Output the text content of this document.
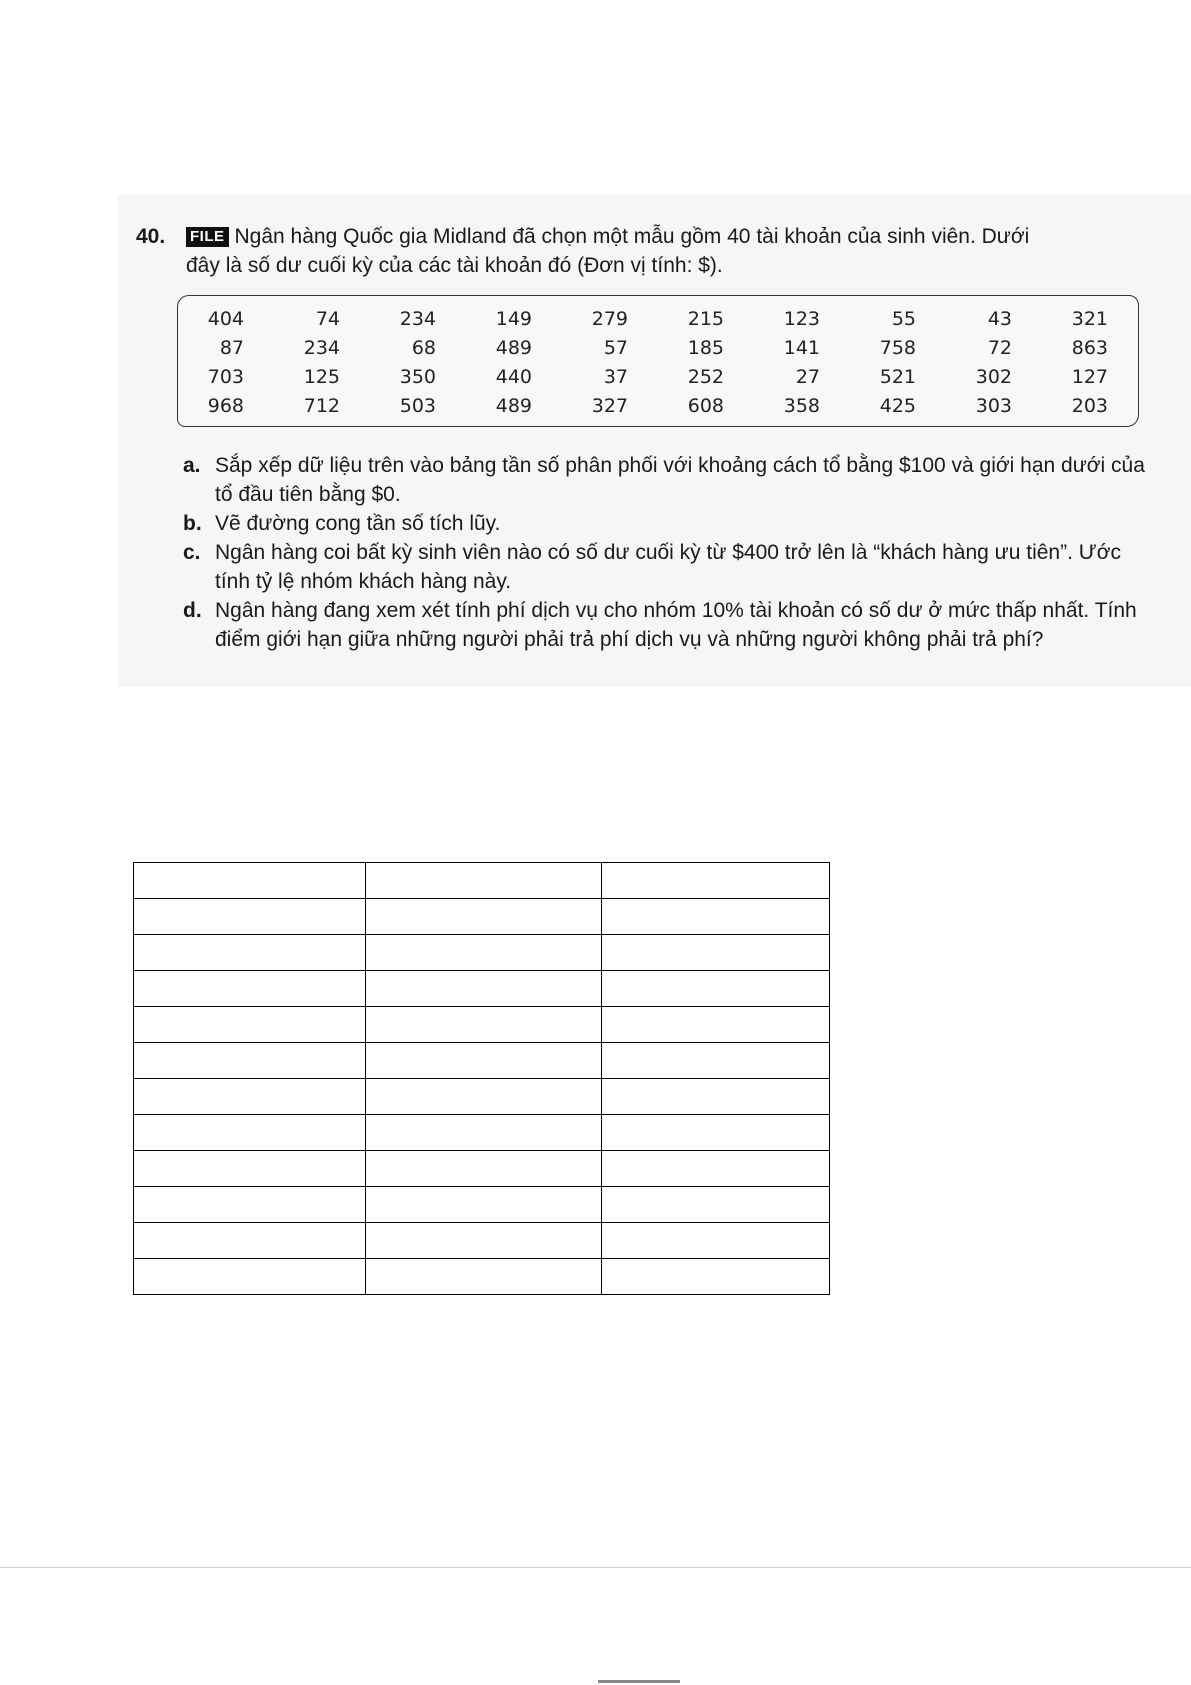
40. FILE Ngân hàng Quốc gia Midland đã chọn một mẫu gồm 40 tài khoản của sinh viên. Dưới
đây là số dư cuối kỳ của các tài khoản đó (Đơn vị tính: $).
404	74	234	149	279	215	123	55	43	321
87	234	68	489	57	185	141	758	72	863
703	125	350	440	37	252	27	521	302	127
968	712	503	489	327	608	358	425	303	203
a. Sắp xếp dữ liệu trên vào bảng tần số phân phối với khoảng cách tổ bằng $100 và giới hạn dưới của tổ đầu tiên bằng $0.
b. Vẽ đường cong tần số tích lũy.
c. Ngân hàng coi bất kỳ sinh viên nào có số dư cuối kỳ từ $400 trở lên là “khách hàng ưu tiên”. Ước tính tỷ lệ nhóm khách hàng này.
d. Ngân hàng đang xem xét tính phí dịch vụ cho nhóm 10% tài khoản có số dư ở mức thấp nhất. Tính điểm giới hạn giữa những người phải trả phí dịch vụ và những người không phải trả phí?
